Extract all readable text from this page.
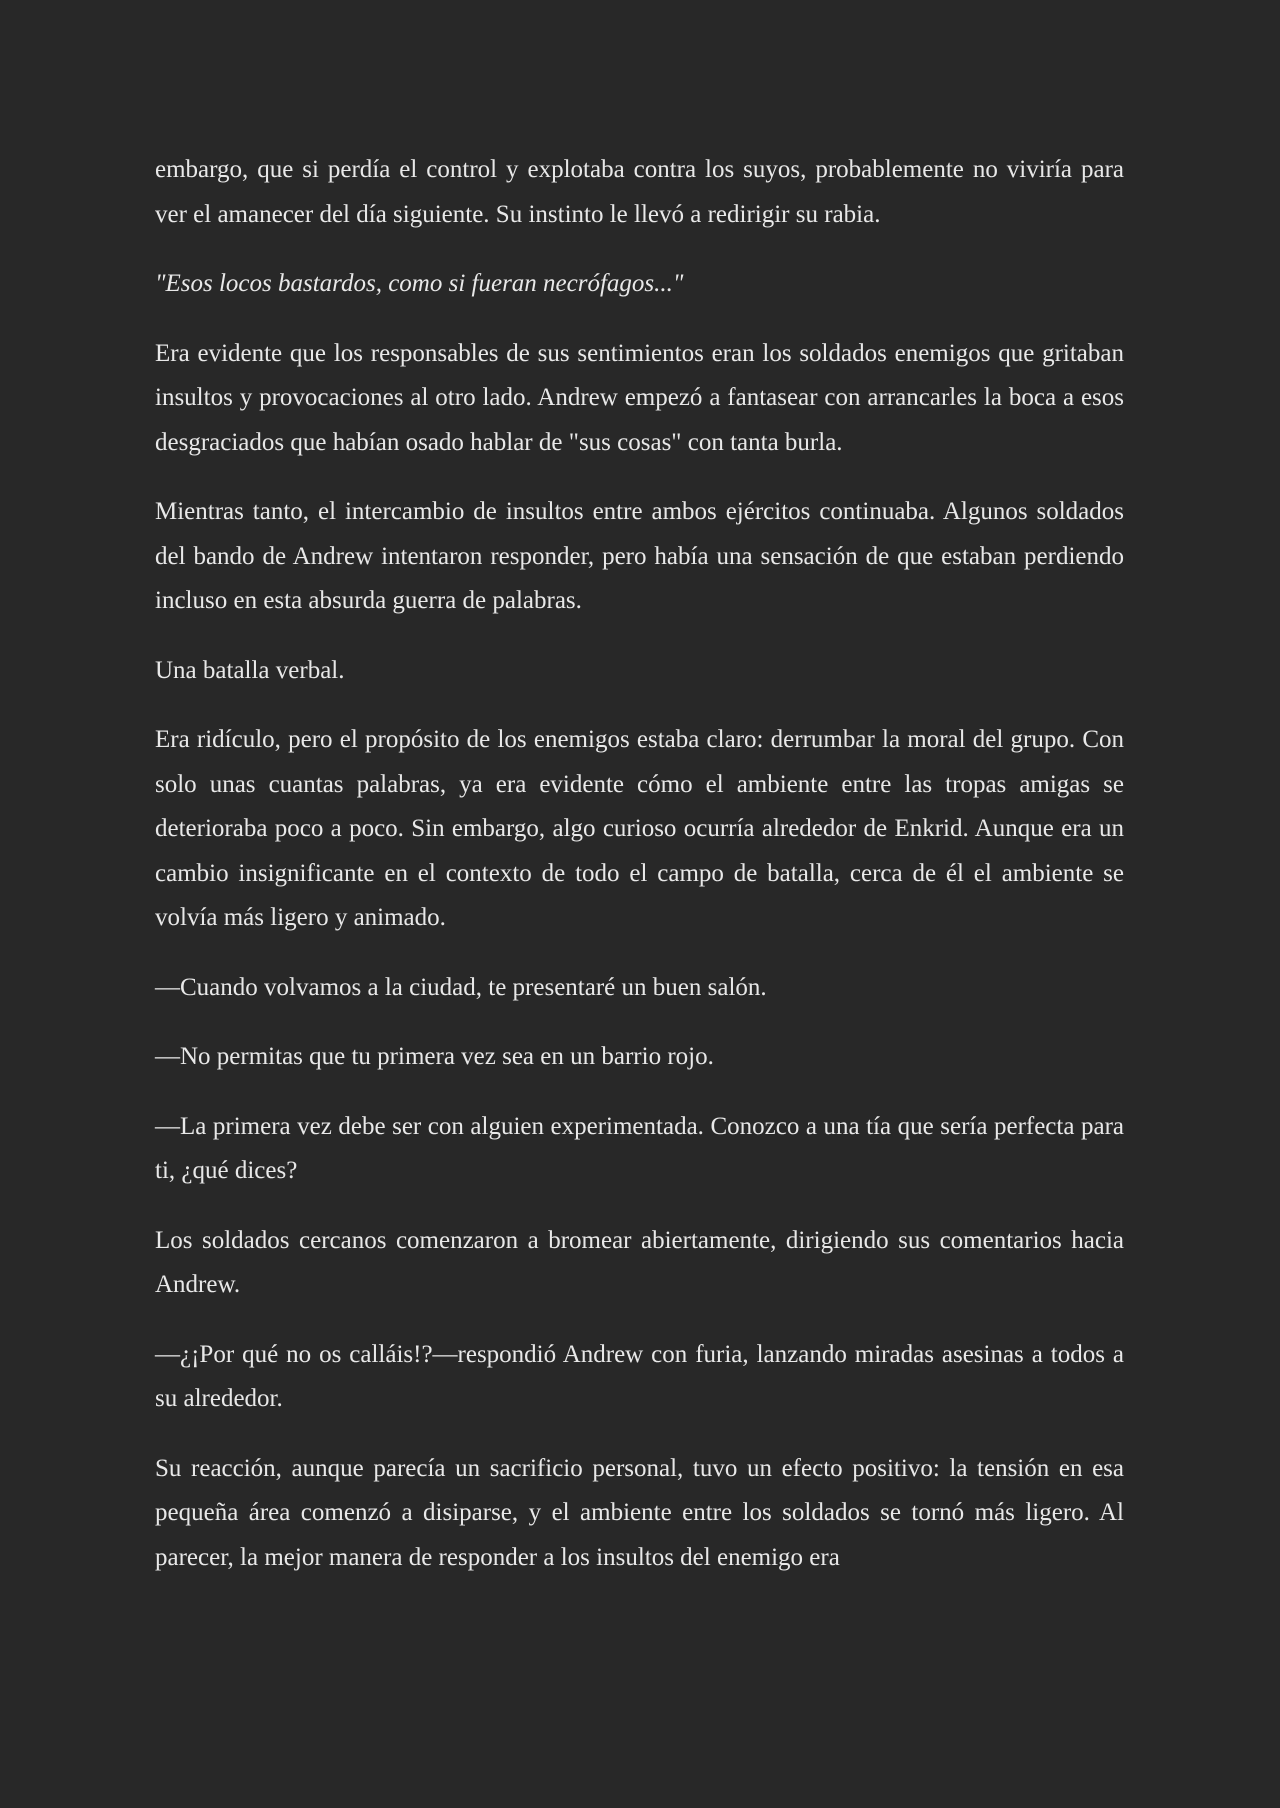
embargo, que si perdía el control y explotaba contra los suyos, probablemente no viviría para ver el amanecer del día siguiente. Su instinto le llevó a redirigir su rabia.

"Esos locos bastardos, como si fueran necrófagos..."

Era evidente que los responsables de sus sentimientos eran los soldados enemigos que gritaban insultos y provocaciones al otro lado. Andrew empezó a fantasear con arrancarles la boca a esos desgraciados que habían osado hablar de "sus cosas" con tanta burla.

Mientras tanto, el intercambio de insultos entre ambos ejércitos continuaba. Algunos soldados del bando de Andrew intentaron responder, pero había una sensación de que estaban perdiendo incluso en esta absurda guerra de palabras.

Una batalla verbal.

Era ridículo, pero el propósito de los enemigos estaba claro: derrumbar la moral del grupo. Con solo unas cuantas palabras, ya era evidente cómo el ambiente entre las tropas amigas se deterioraba poco a poco. Sin embargo, algo curioso ocurría alrededor de Enkrid. Aunque era un cambio insignificante en el contexto de todo el campo de batalla, cerca de él el ambiente se volvía más ligero y animado.

—Cuando volvamos a la ciudad, te presentaré un buen salón.

—No permitas que tu primera vez sea en un barrio rojo.

—La primera vez debe ser con alguien experimentada. Conozco a una tía que sería perfecta para ti, ¿qué dices?

Los soldados cercanos comenzaron a bromear abiertamente, dirigiendo sus comentarios hacia Andrew.

—¿¡Por qué no os calláis!?—respondió Andrew con furia, lanzando miradas asesinas a todos a su alrededor.

Su reacción, aunque parecía un sacrificio personal, tuvo un efecto positivo: la tensión en esa pequeña área comenzó a disiparse, y el ambiente entre los soldados se tornó más ligero. Al parecer, la mejor manera de responder a los insultos del enemigo era
